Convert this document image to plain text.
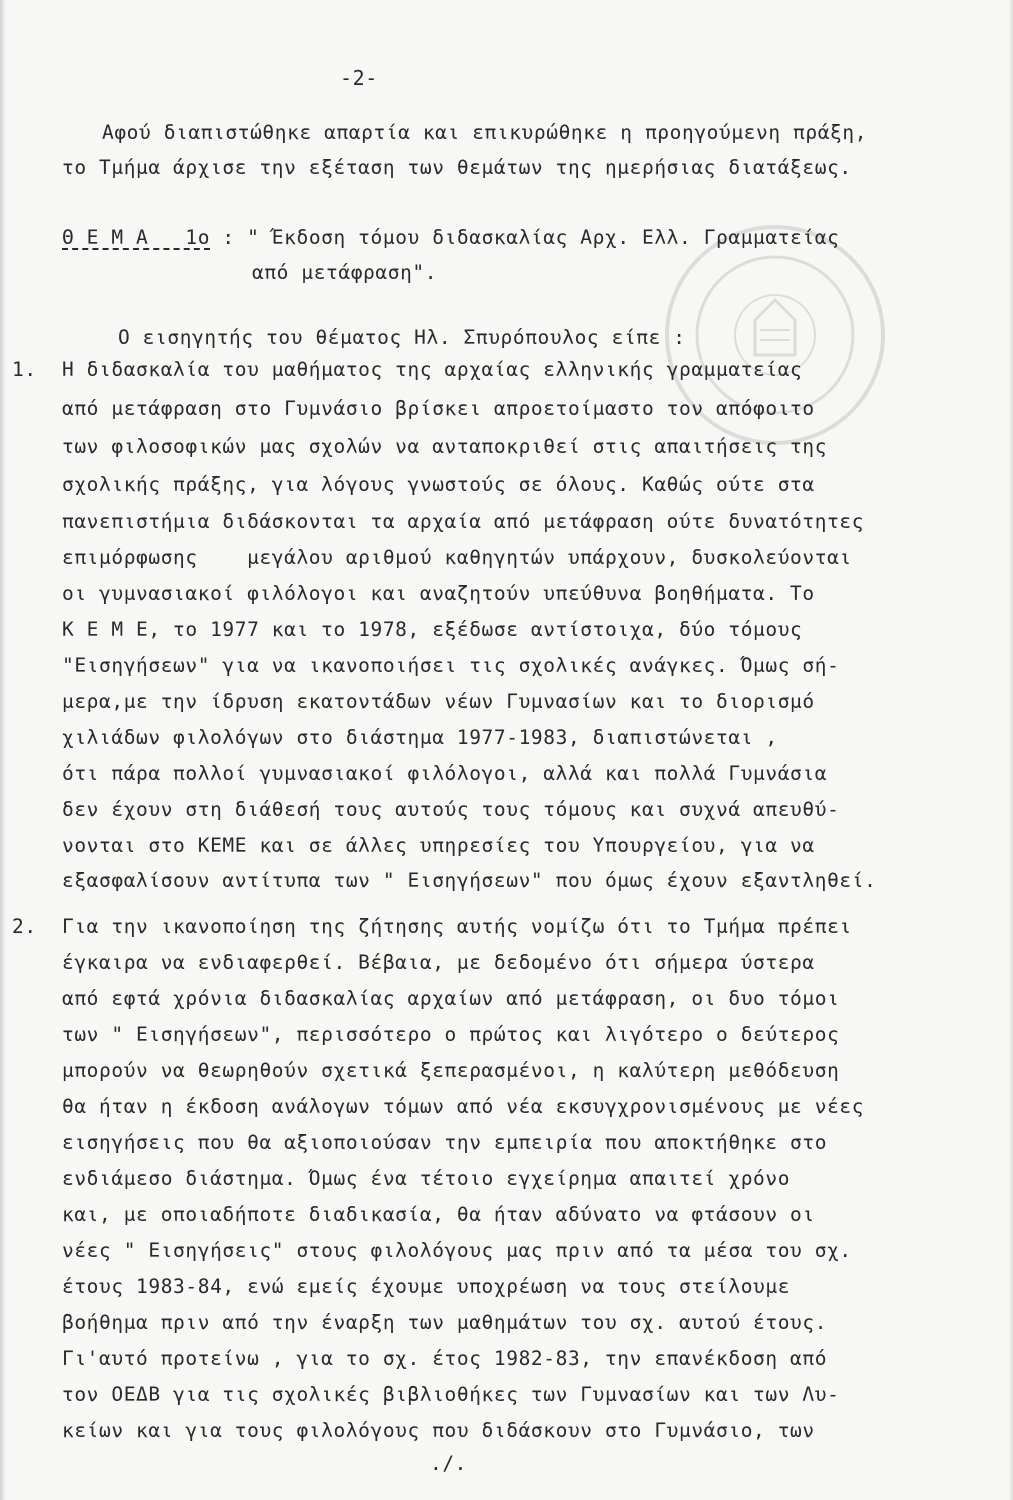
-2-
Αφού διαπιστώθηκε απαρτία και επικυρώθηκε η προηγούμενη πράξη,
το Τμήμα άρχισε την εξέταση των θεμάτων της ημερήσιας διατάξεως.
Θ Ε Μ Α   1ο : " Έκδοση τόμου διδασκαλίας Αρχ. Ελλ. Γραμματείας
από μετάφραση".
Ο εισηγητής του θέματος Ηλ. Σπυρόπουλος είπε :
1. Η διδασκαλία του μαθήματος της αρχαίας ελληνικής γραμματείας
από μετάφραση στο Γυμνάσιο βρίσκει απροετοίμαστο τον απόφοιτο
των φιλοσοφικών μας σχολών να ανταποκριθεί στις απαιτήσεις της
σχολικής πράξης, για λόγους γνωστούς σε όλους. Καθώς ούτε στα
πανεπιστήμια διδάσκονται τα αρχαία από μετάφραση ούτε δυνατότητες
επιμόρφωσης    μεγάλου αριθμού καθηγητών υπάρχουν, δυσκολεύονται
οι γυμνασιακοί φιλόλογοι και αναζητούν υπεύθυνα βοηθήματα. Το
Κ Ε Μ Ε, το 1977 και το 1978, εξέδωσε αντίστοιχα, δύο τόμους
"Εισηγήσεων" για να ικανοποιήσει τις σχολικές ανάγκες. Όμως σή-
μερα,με την ίδρυση εκατοντάδων νέων Γυμνασίων και το διορισμό
χιλιάδων φιλολόγων στο διάστημα 1977-1983, διαπιστώνεται ,
ότι πάρα πολλοί γυμνασιακοί φιλόλογοι, αλλά και πολλά Γυμνάσια
δεν έχουν στη διάθεσή τους αυτούς τους τόμους και συχνά απευθύ-
νονται στο ΚΕΜΕ και σε άλλες υπηρεσίες του Υπουργείου, για να
εξασφαλίσουν αντίτυπα των " Εισηγήσεων" που όμως έχουν εξαντληθεί.
2. Για την ικανοποίηση της ζήτησης αυτής νομίζω ότι το Τμήμα πρέπει
έγκαιρα να ενδιαφερθεί. Βέβαια, με δεδομένο ότι σήμερα ύστερα
από εφτά χρόνια διδασκαλίας αρχαίων από μετάφραση, οι δυο τόμοι
των " Εισηγήσεων", περισσότερο ο πρώτος και λιγότερο ο δεύτερος
μπορούν να θεωρηθούν σχετικά ξεπερασμένοι, η καλύτερη μεθόδευση
θα ήταν η έκδοση ανάλογων τόμων από νέα εκσυγχρονισμένους με νέες
εισηγήσεις που θα αξιοποιούσαν την εμπειρία που αποκτήθηκε στο
ενδιάμεσο διάστημα. Όμως ένα τέτοιο εγχείρημα απαιτεί χρόνο
και, με οποιαδήποτε διαδικασία, θα ήταν αδύνατο να φτάσουν οι
νέες " Εισηγήσεις" στους φιλολόγους μας πριν από τα μέσα του σχ.
έτους 1983-84, ενώ εμείς έχουμε υποχρέωση να τους στείλουμε
βοήθημα πριν από την έναρξη των μαθημάτων του σχ. αυτού έτους.
Γι'αυτό προτείνω , για το σχ. έτος 1982-83, την επανέκδοση από
τον ΟΕΔΒ για τις σχολικές βιβλιοθήκες των Γυμνασίων και των Λυ-
κείων και για τους φιλολόγους που διδάσκουν στο Γυμνάσιο, των
./.
